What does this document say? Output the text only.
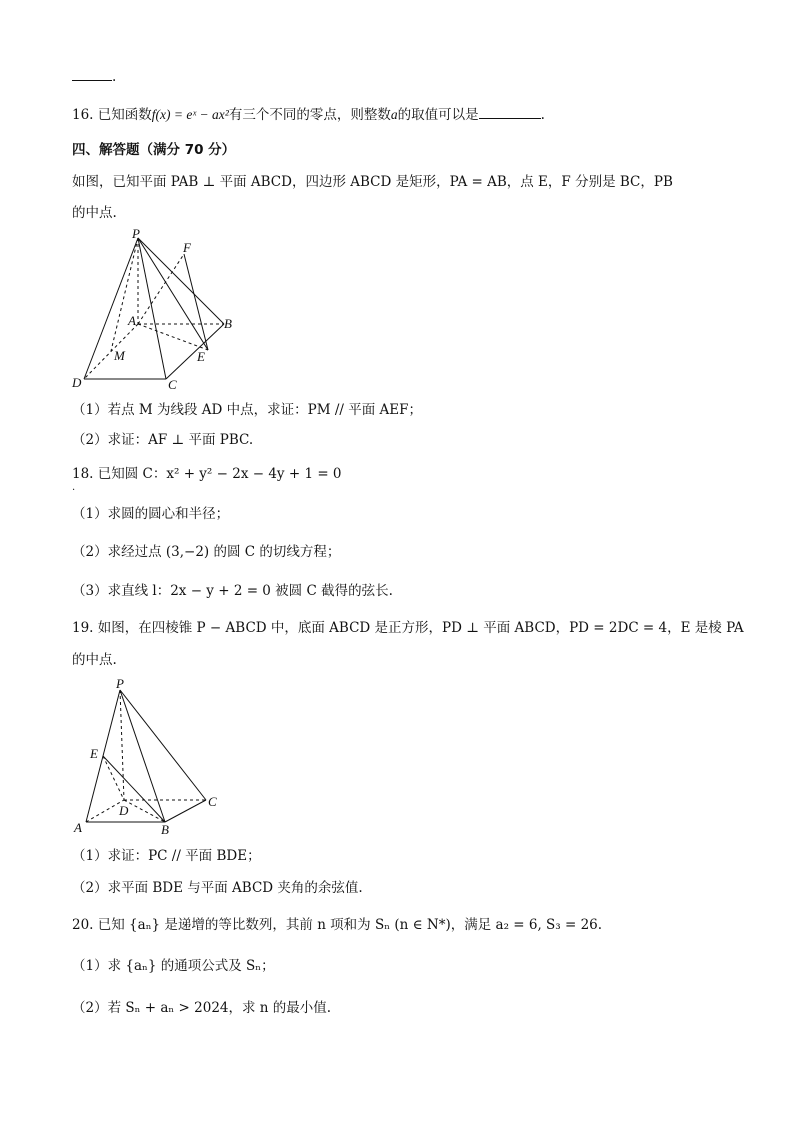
.
16. 已知函数f(x) = eˣ − ax²有三个不同的零点，则整数a的取值可以是	.
四、解答题（满分 70 分）
如图，已知平面 PAB ⊥ 平面 ABCD，四边形 ABCD 是矩形，PA = AB，点 E，F 分别是 BC，PB
的中点.
P
F
A	B
M	E
D	C
（1）若点 M 为线段 AD 中点，求证：PM // 平面 AEF；
（2）求证：AF ⊥ 平面 PBC.
18. 已知圆 C：x² + y² − 2x − 4y + 1 = 0
.
（1）求圆的圆心和半径；
（2）求经过点 (3,−2) 的圆 C 的切线方程；
（3）求直线 l：2x − y + 2 = 0 被圆 C 截得的弦长.
19. 如图，在四棱锥 P − ABCD 中，底面 ABCD 是正方形，PD ⊥ 平面 ABCD，PD = 2DC = 4，E 是棱 PA
的中点.
P
E
D
C
A	B
（1）求证：PC // 平面 BDE；
（2）求平面 BDE 与平面 ABCD 夹角的余弦值.
20. 已知 {aₙ} 是递增的等比数列，其前 n 项和为 Sₙ (n ∈ N*)，满足 a₂ = 6, S₃ = 26.
（1）求 {aₙ} 的通项公式及 Sₙ；
（2）若 Sₙ + aₙ > 2024，求 n 的最小值.
